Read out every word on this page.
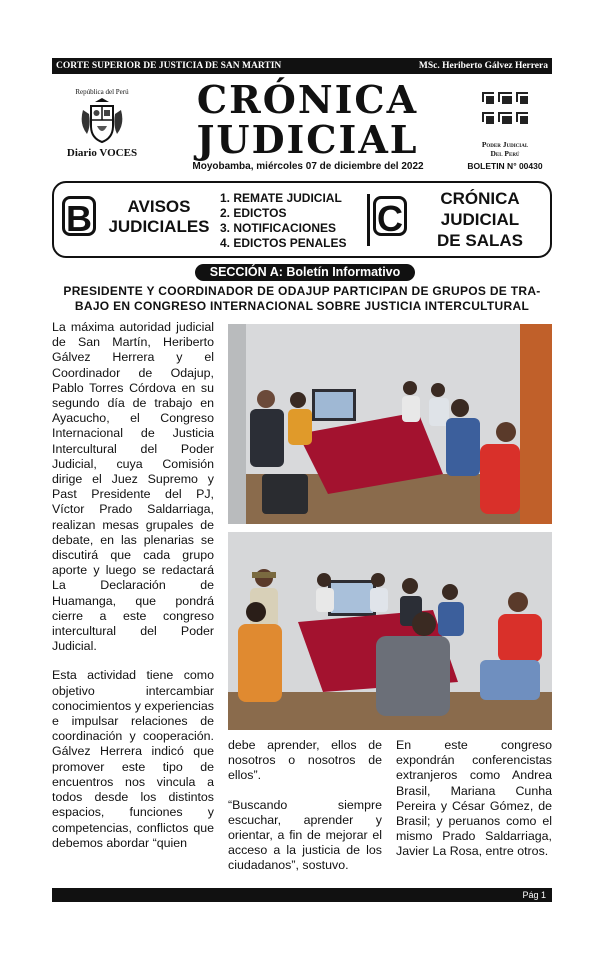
CORTE SUPERIOR DE JUSTICIA DE SAN MARTIN	MSc. Heriberto Gálvez Herrera
República del Perú
Diario VOCES
CRÓNICA
JUDICIAL
Moyobamba, miércoles 07 de diciembre del 2022
Poder Judicial
Del Perú
BOLETIN N° 00430
B	AVISOS
JUDICIALES
1. REMATE JUDICIAL
2. EDICTOS
3. NOTIFICACIONES
4. EDICTOS PENALES
C	CRÓNICA
JUDICIAL
DE SALAS
SECCIÓN A: Boletín Informativo
PRESIDENTE Y COORDINADOR DE ODAJUP PARTICIPAN DE GRUPOS DE TRA-
BAJO EN CONGRESO INTERNACIONAL SOBRE JUSTICIA INTERCULTURAL

La máxima autoridad judicial de San Martín, Heriberto Gálvez Herrera y el Coordinador de Odajup, Pablo Torres Córdova en su segundo día de trabajo en Ayacucho, el Congreso Internacional de Justicia Intercultural del Poder Judicial, cuya Comisión dirige el Juez Supremo y Past Presidente del PJ, Víctor Prado Saldarriaga, realizan mesas grupales de debate, en las plenarias se discutirá que cada grupo aporte y luego se redactará La Declaración de Huamanga, que pondrá cierre a este congreso intercultural del Poder Judicial.

Esta actividad tiene como objetivo intercambiar conocimientos y experiencias e impulsar relaciones de coordinación y cooperación. Gálvez Herrera indicó que promover este tipo de encuentros nos vincula a todos desde los distintos espacios, funciones y competencias, conflictos que debemos abordar “quien

debe aprender, ellos de nosotros o nosotros de ellos”.

“Buscando siempre escuchar, aprender y orientar, a fin de mejorar el acceso a la justicia de los ciudadanos”, sostuvo.

En este congreso expondrán conferencistas extranjeros como Andrea Brasil, Mariana Cunha Pereira y César Gómez, de Brasil; y peruanos como el mismo Prado Saldarriaga, Javier La Rosa, entre otros.

Pág 1
